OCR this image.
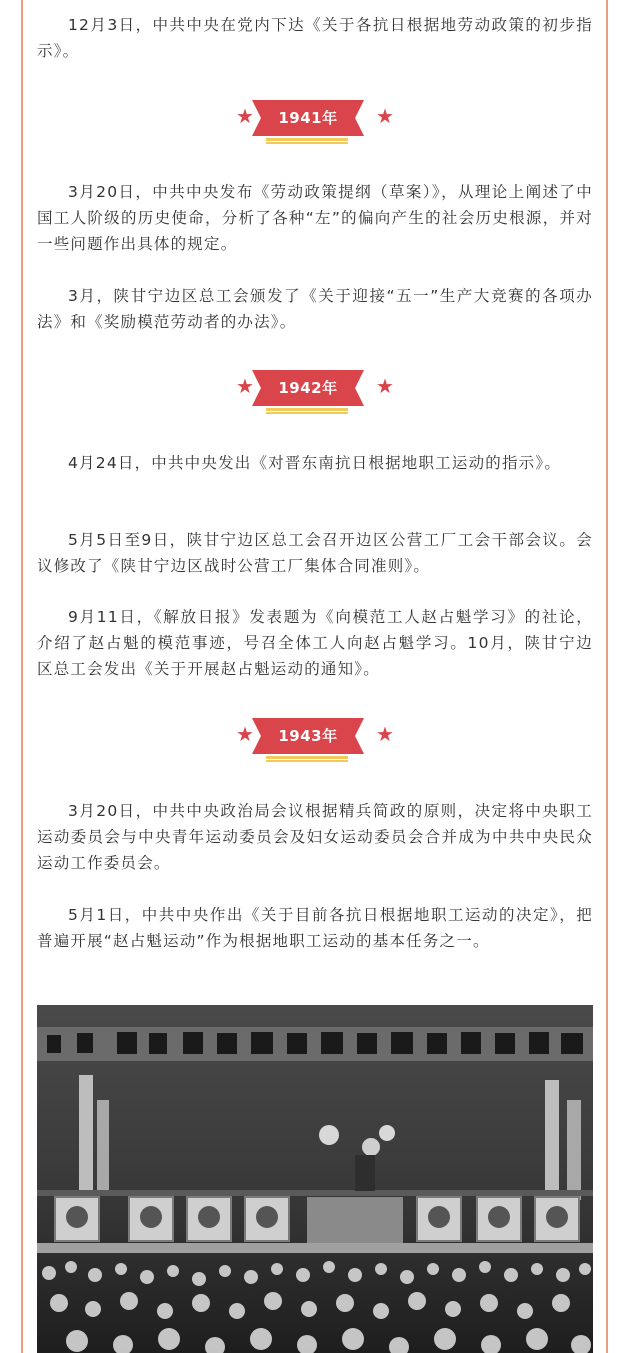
12月3日，中共中央在党内下达《关于各抗日根据地劳动政策的初步指示》。

★	1941年	★

3月20日，中共中央发布《劳动政策提纲（草案）》，从理论上阐述了中国工人阶级的历史使命，分析了各种“左”的偏向产生的社会历史根源，并对一些问题作出具体的规定。

3月，陕甘宁边区总工会颁发了《关于迎接“五一”生产大竞赛的各项办法》和《奖励模范劳动者的办法》。

★	1942年	★

4月24日，中共中央发出《对晋东南抗日根据地职工运动的指示》。

5月5日至9日，陕甘宁边区总工会召开边区公营工厂工会干部会议。会议修改了《陕甘宁边区战时公营工厂集体合同准则》。

9月11日，《解放日报》发表题为《向模范工人赵占魁学习》的社论，介绍了赵占魁的模范事迹，号召全体工人向赵占魁学习。10月，陕甘宁边区总工会发出《关于开展赵占魁运动的通知》。

★	1943年	★

3月20日，中共中央政治局会议根据精兵简政的原则，决定将中央职工运动委员会与中央青年运动委员会及妇女运动委员会合并成为中共中央民众运动工作委员会。

5月1日，中共中央作出《关于目前各抗日根据地职工运动的决定》，把普遍开展“赵占魁运动”作为根据地职工运动的基本任务之一。
